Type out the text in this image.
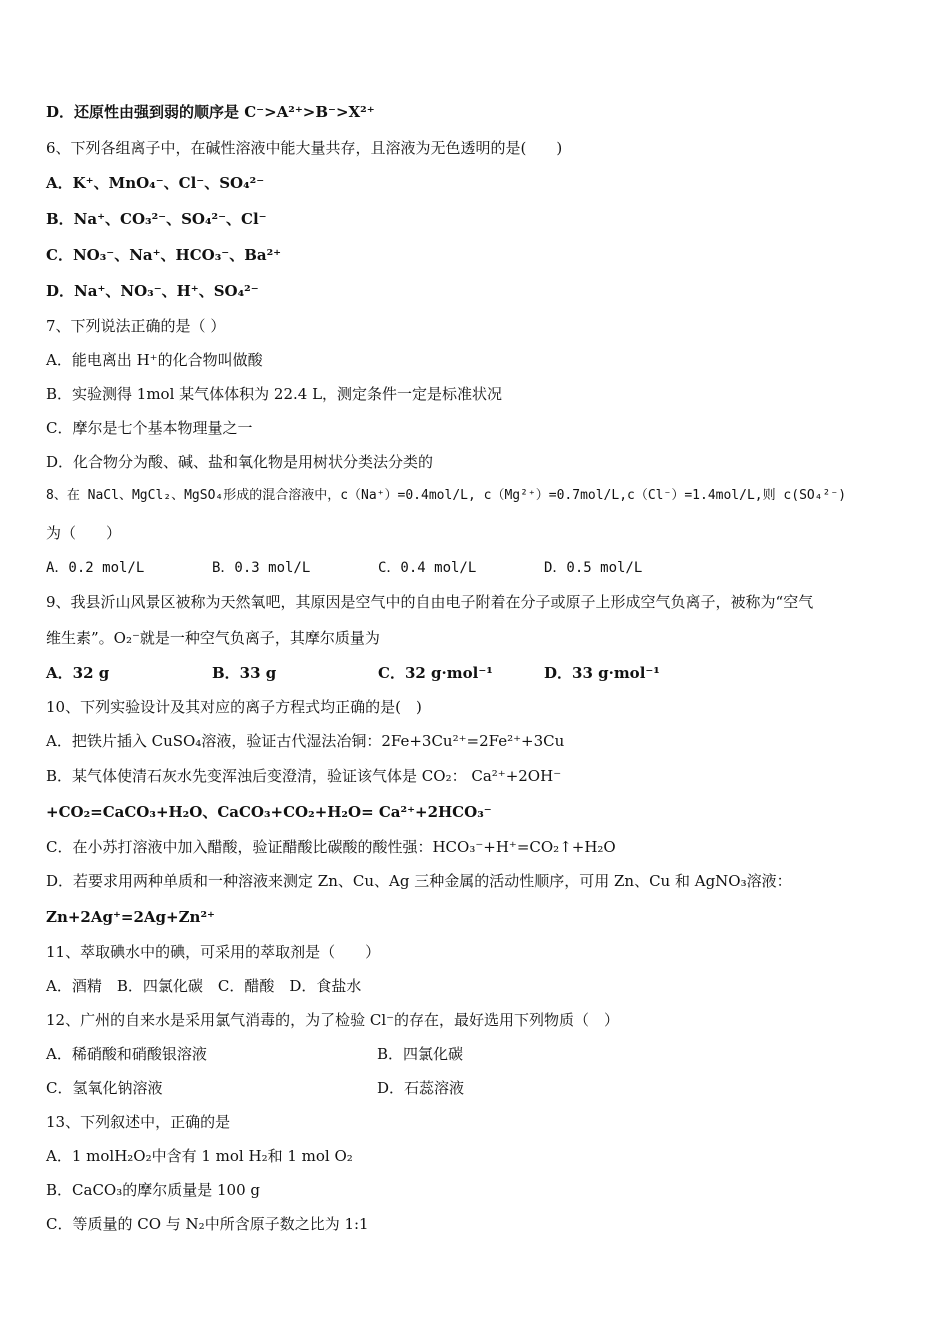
D．还原性由强到弱的顺序是 C⁻>A²⁺>B⁻>X²⁺
6、下列各组离子中，在碱性溶液中能大量共存，且溶液为无色透明的是(　　)
A．K⁺、MnO₄⁻、Cl⁻、SO₄²⁻
B．Na⁺、CO₃²⁻、SO₄²⁻、Cl⁻
C．NO₃⁻、Na⁺、HCO₃⁻、Ba²⁺
D．Na⁺、NO₃⁻、H⁺、SO₄²⁻
7、下列说法正确的是（ ）
A．能电离出 H⁺的化合物叫做酸
B．实验测得 1mol 某气体体积为 22.4 L，测定条件一定是标准状况
C．摩尔是七个基本物理量之一
D．化合物分为酸、碱、盐和氧化物是用树状分类法分类的
8、在 NaCl、MgCl₂、MgSO₄形成的混合溶液中，c（Na⁺）=0.4mol/L, c（Mg²⁺）=0.7mol/L,c（Cl⁻）=1.4mol/L,则 c(SO₄²⁻)
为（　　）
A．0.2 mol/L	B．0.3 mol/L	C．0.4 mol/L	D．0.5 mol/L
9、我县沂山风景区被称为天然氧吧，其原因是空气中的自由电子附着在分子或原子上形成空气负离子，被称为“空气
维生素”。O₂⁻就是一种空气负离子，其摩尔质量为
A．32 g	B．33 g	C．32 g·mol⁻¹	D．33 g·mol⁻¹
10、下列实验设计及其对应的离子方程式均正确的是(　)
A．把铁片插入 CuSO₄溶液，验证古代湿法冶铜：2Fe+3Cu²⁺=2Fe²⁺+3Cu
B．某气体使清石灰水先变浑浊后变澄清，验证该气体是 CO₂： Ca²⁺+2OH⁻
+CO₂=CaCO₃+H₂O、CaCO₃+CO₂+H₂O= Ca²⁺+2HCO₃⁻
C．在小苏打溶液中加入醋酸，验证醋酸比碳酸的酸性强：HCO₃⁻+H⁺=CO₂↑+H₂O
D．若要求用两种单质和一种溶液来测定 Zn、Cu、Ag 三种金属的活动性顺序，可用 Zn、Cu 和 AgNO₃溶液：
Zn+2Ag⁺=2Ag+Zn²⁺
11、萃取碘水中的碘，可采用的萃取剂是（　　）
A．酒精　B．四氯化碳　C．醋酸　D．食盐水
12、广州的自来水是采用氯气消毒的，为了检验 Cl⁻的存在，最好选用下列物质（　）
A．稀硝酸和硝酸银溶液	B．四氯化碳
C．氢氧化钠溶液	D．石蕊溶液
13、下列叙述中，正确的是
A．1 molH₂O₂中含有 1 mol H₂和 1 mol O₂
B．CaCO₃的摩尔质量是 100 g
C．等质量的 CO 与 N₂中所含原子数之比为 1:1
